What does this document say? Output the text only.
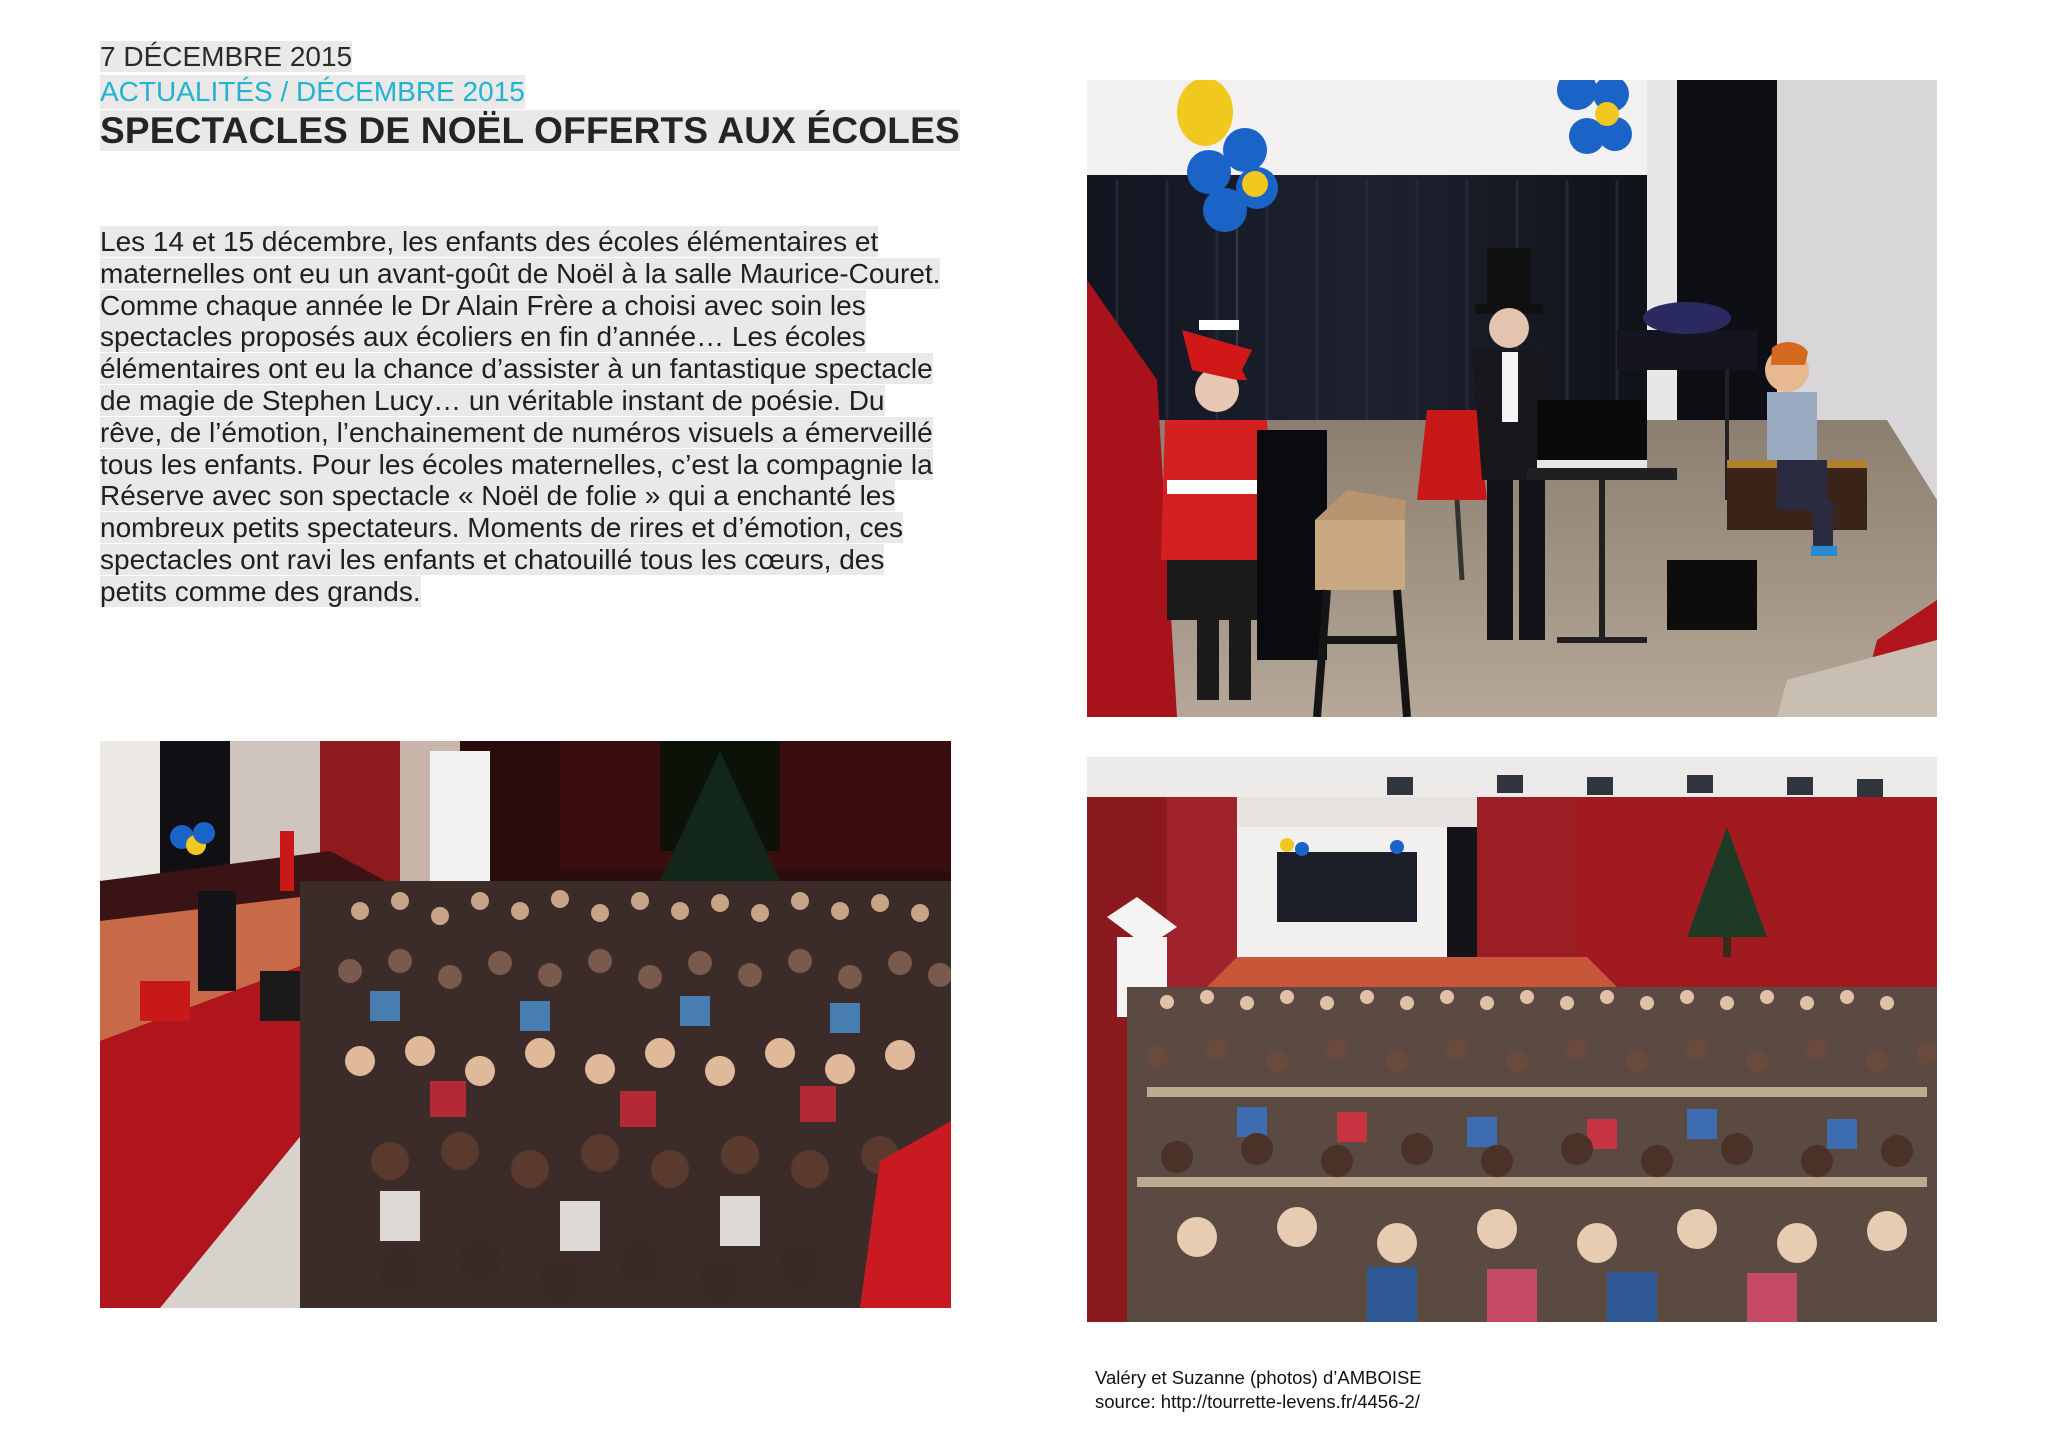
7 DÉCEMBRE 2015
ACTUALITÉS / DÉCEMBRE 2015
SPECTACLES DE NOËL OFFERTS AUX ÉCOLES

Les 14 et 15 décembre, les enfants des écoles élémentaires et
maternelles ont eu un avant-goût de Noël à la salle Maurice-Couret.
Comme chaque année le Dr Alain Frère a choisi avec soin les
spectacles proposés aux écoliers en fin d’année… Les écoles
élémentaires ont eu la chance d’assister à un fantastique spectacle
de magie de Stephen Lucy… un véritable instant de poésie. Du
rêve, de l’émotion, l’enchainement de numéros visuels a émerveillé
tous les enfants. Pour les écoles maternelles, c’est la compagnie la
Réserve avec son spectacle « Noël de folie » qui a enchanté les
nombreux petits spectateurs. Moments de rires et d’émotion, ces
spectacles ont ravi les enfants et chatouillé tous les cœurs, des
petits comme des grands.

Valéry et Suzanne (photos) d’AMBOISE
source: http://tourrette-levens.fr/4456-2/
